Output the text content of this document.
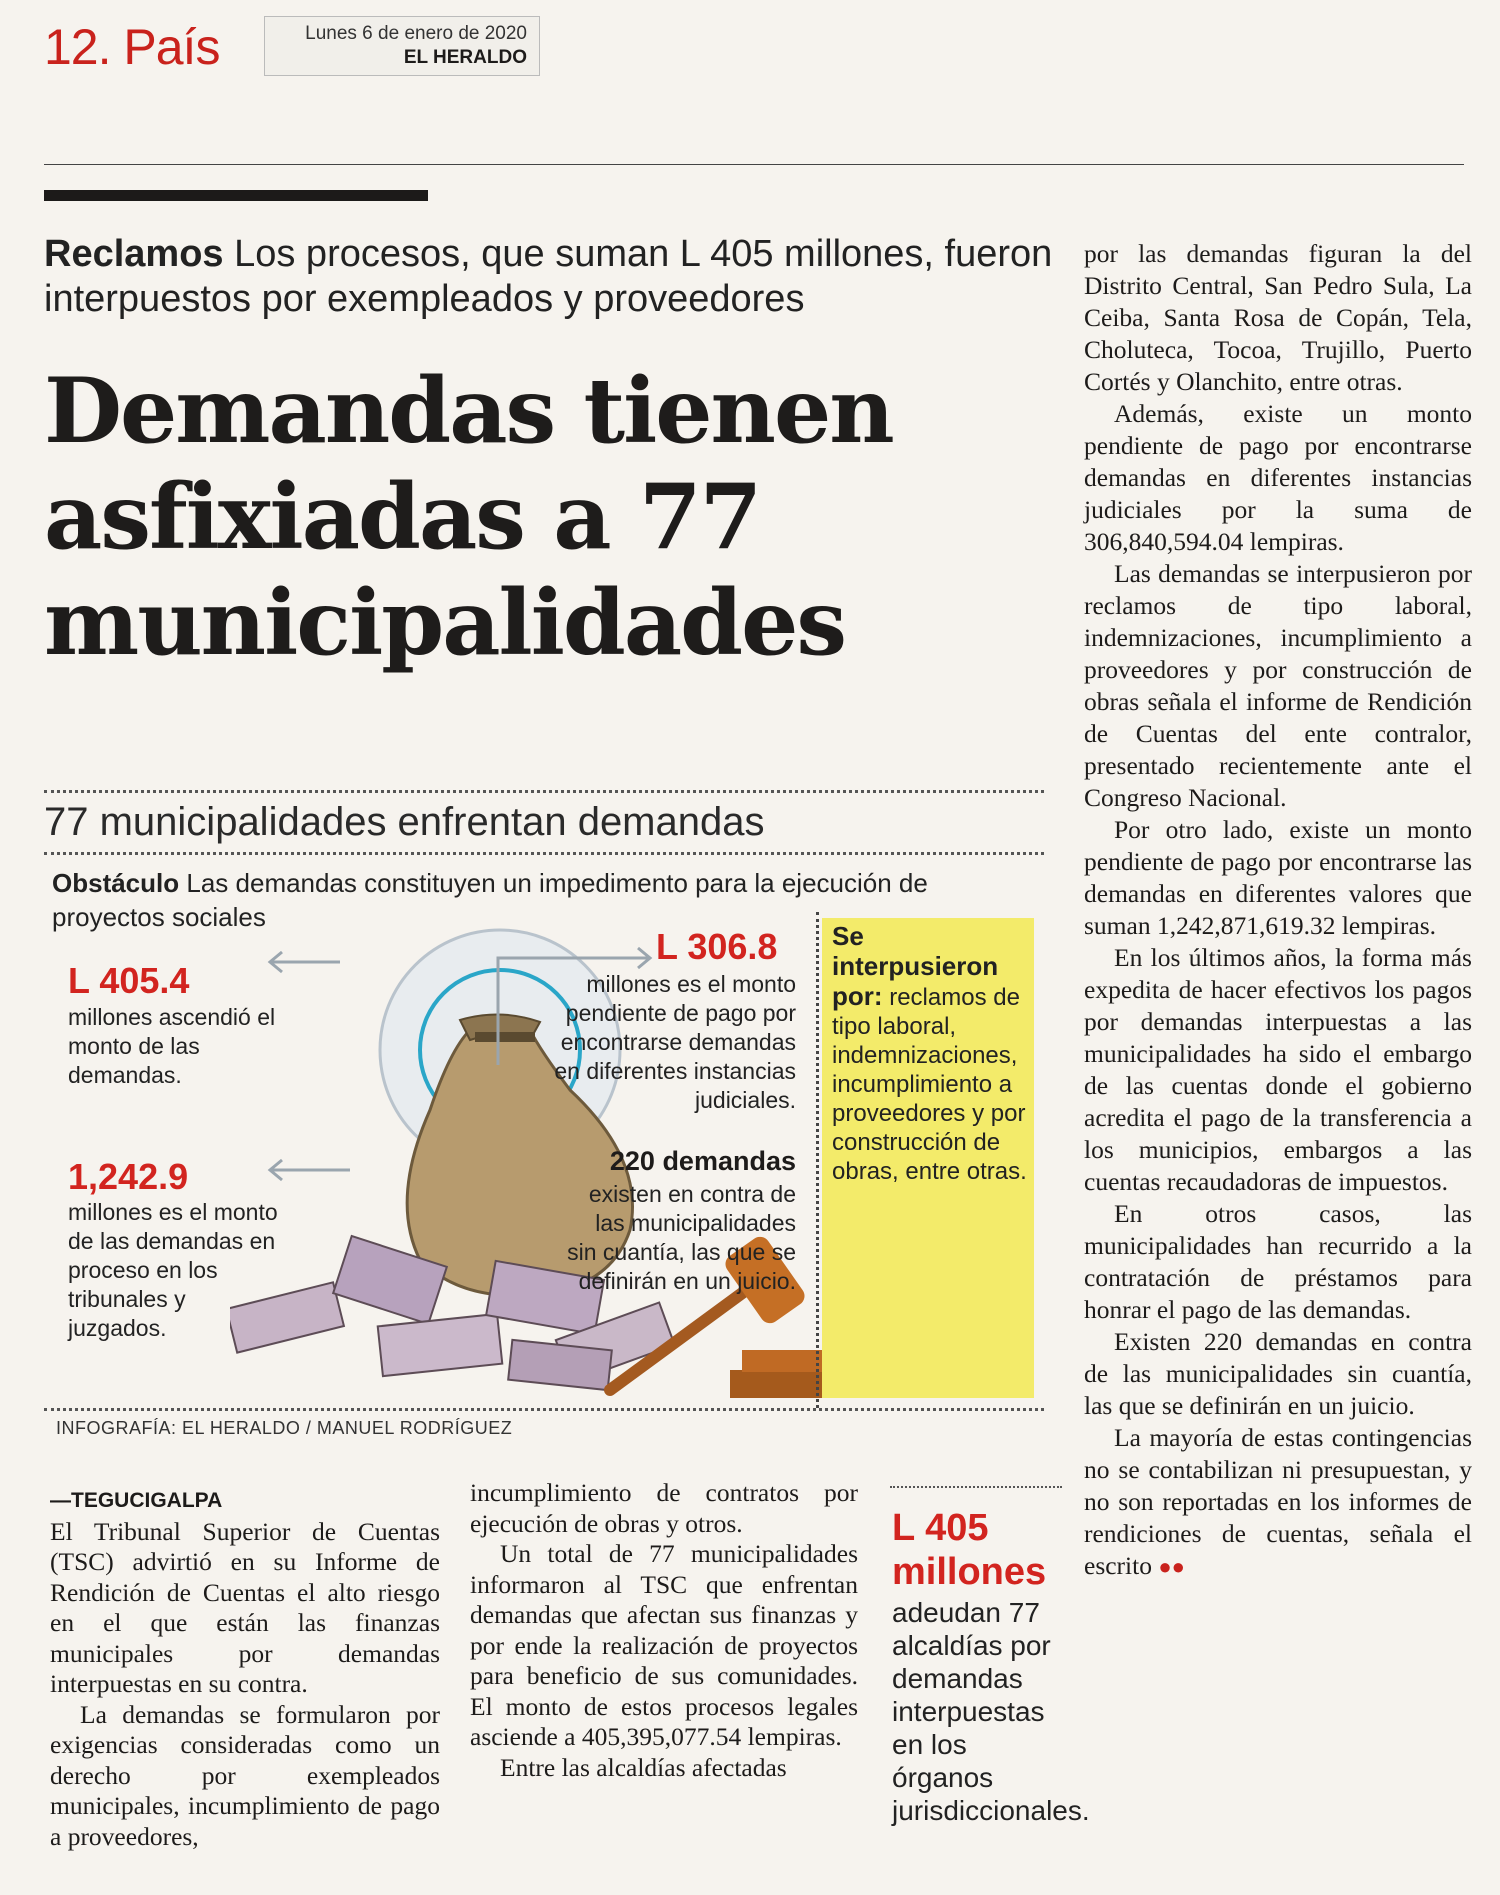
12. País	Lunes 6 de enero de 2020
EL HERALDO
Reclamos Los procesos, que suman L 405 millones, fueron interpuestos por exempleados y proveedores
Demandas tienen
asfixiadas a 77
municipalidades
77 municipalidades enfrentan demandas
Obstáculo Las demandas constituyen un impedimento para la ejecución de proyectos sociales
L 405.4
millones ascendió el monto de las demandas.
1,242.9
millones es el monto de las demandas en proceso en los tribunales y juzgados.
L 306.8
millones es el monto pendiente de pago por encontrarse demandas en diferentes instancias judiciales.
220 demandas
existen en contra de las municipalidades sin cuantía, las que se definirán en un juicio.
Se interpusieron por: reclamos de tipo laboral, indemnizaciones, incumplimiento a proveedores y por construcción de obras, entre otras.
INFOGRAFÍA: EL HERALDO / MANUEL RODRÍGUEZ

—TEGUCIGALPA

El Tribunal Superior de Cuentas (TSC) advirtió en su Informe de Rendición de Cuentas el alto riesgo en el que están las finanzas municipales por demandas interpuestas en su contra.

La demandas se formularon por exigencias consideradas como un derecho por exempleados municipales, incumplimiento de pago a proveedores,

incumplimiento de contratos por ejecución de obras y otros.

Un total de 77 municipalidades informaron al TSC que enfrentan demandas que afectan sus finanzas y por ende la realización de proyectos para beneficio de sus comunidades. El monto de estos procesos legales asciende a 405,395,077.54 lempiras.

Entre las alcaldías afectadas

L 405 millones
adeudan 77 alcaldías por demandas interpuestas en los órganos jurisdiccionales.

por las demandas figuran la del Distrito Central, San Pedro Sula, La Ceiba, Santa Rosa de Copán, Tela, Choluteca, Tocoa, Trujillo, Puerto Cortés y Olanchito, entre otras.

Además, existe un monto pendiente de pago por encontrarse demandas en diferentes instancias judiciales por la suma de 306,840,594.04 lempiras.

Las demandas se interpusieron por reclamos de tipo laboral, indemnizaciones, incumplimiento a proveedores y por construcción de obras señala el informe de Rendición de Cuentas del ente contralor, presentado recientemente ante el Congreso Nacional.

Por otro lado, existe un monto pendiente de pago por encontrarse las demandas en diferentes valores que suman 1,242,871,619.32 lempiras.

En los últimos años, la forma más expedita de hacer efectivos los pagos por demandas interpuestas a las municipalidades ha sido el embargo de las cuentas donde el gobierno acredita el pago de la transferencia a los municipios, embargos a las cuentas recaudadoras de impuestos.

En otros casos, las municipalidades han recurrido a la contratación de préstamos para honrar el pago de las demandas.

Existen 220 demandas en contra de las municipalidades sin cuantía, las que se definirán en un juicio.

La mayoría de estas contingencias no se contabilizan ni presupuestan, y no son reportadas en los informes de rendiciones de cuentas, señala el escrito ●●
